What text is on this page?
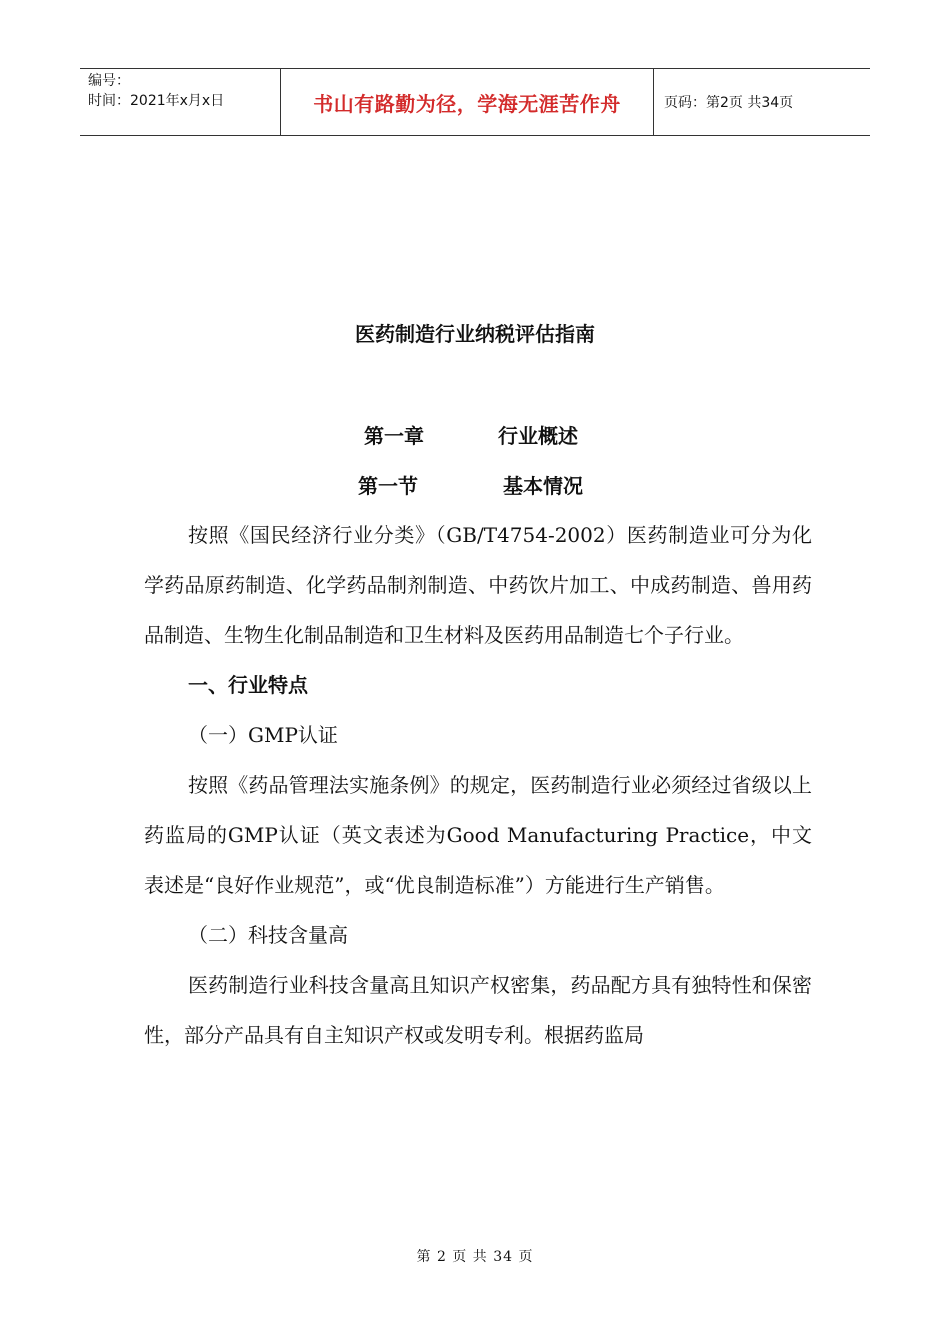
编号：
时间：2021年x月x日	书山有路勤为径，学海无涯苦作舟	页码：第2页 共34页
医药制造行业纳税评估指南
第一章	行业概述
第一节	基本情况

按照《国民经济行业分类》（GB/T4754-2002）医药制造业可分为化学药品原药制造、化学药品制剂制造、中药饮片加工、中成药制造、兽用药品制造、生物生化制品制造和卫生材料及医药用品制造七个子行业。

一、行业特点

（一）GMP认证

按照《药品管理法实施条例》的规定，医药制造行业必须经过省级以上药监局的GMP认证（英文表述为Good Manufacturing Practice，中文表述是“良好作业规范”，或“优良制造标准”）方能进行生产销售。

（二）科技含量高

医药制造行业科技含量高且知识产权密集，药品配方具有独特性和保密性，部分产品具有自主知识产权或发明专利。根据药监局

第 2 页 共 34 页
